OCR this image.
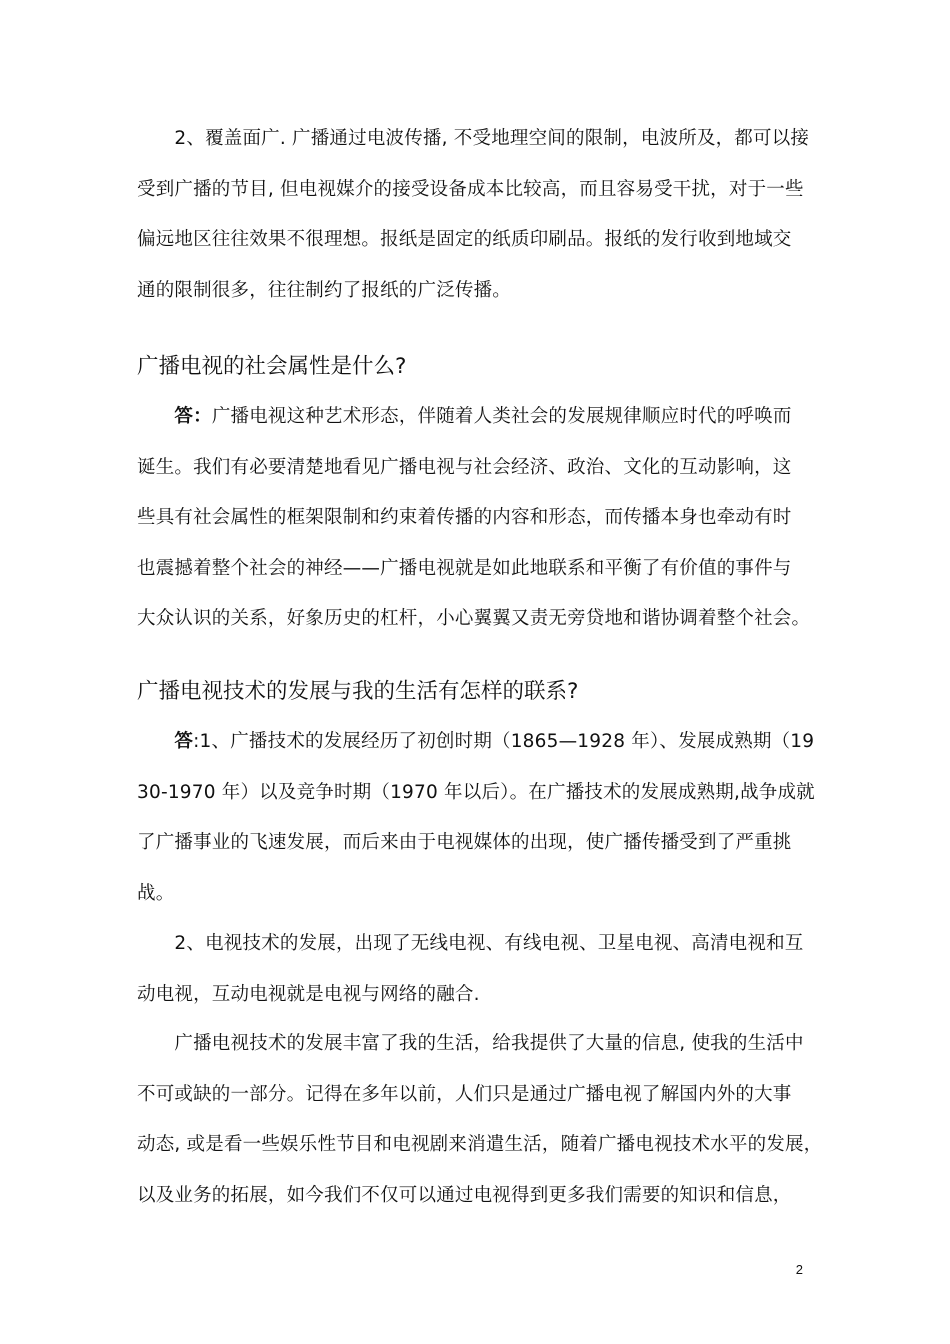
　　2、覆盖面广. 广播通过电波传播, 不受地理空间的限制，电波所及，都可以接
受到广播的节目, 但电视媒介的接受设备成本比较高，而且容易受干扰，对于一些
偏远地区往往效果不很理想。报纸是固定的纸质印刷品。报纸的发行收到地域交
通的限制很多，往往制约了报纸的广泛传播。
广播电视的社会属性是什么?
　　答：广播电视这种艺术形态，伴随着人类社会的发展规律顺应时代的呼唤而
诞生。我们有必要清楚地看见广播电视与社会经济、政治、文化的互动影响，这
些具有社会属性的框架限制和约束着传播的内容和形态，而传播本身也牵动有时
也震撼着整个社会的神经——广播电视就是如此地联系和平衡了有价值的事件与
大众认识的关系，好象历史的杠杆，小心翼翼又责无旁贷地和谐协调着整个社会。
广播电视技术的发展与我的生活有怎样的联系?
　　答:1、广播技术的发展经历了初创时期（1865—1928 年）、发展成熟期（19
30-1970 年）以及竞争时期（1970 年以后）。在广播技术的发展成熟期,战争成就
了广播事业的飞速发展，而后来由于电视媒体的出现，使广播传播受到了严重挑
战。
　　2、电视技术的发展，出现了无线电视、有线电视、卫星电视、高清电视和互
动电视，互动电视就是电视与网络的融合.
　　广播电视技术的发展丰富了我的生活，给我提供了大量的信息, 使我的生活中
不可或缺的一部分。记得在多年以前，人们只是通过广播电视了解国内外的大事
动态, 或是看一些娱乐性节目和电视剧来消遣生活，随着广播电视技术水平的发展，
以及业务的拓展，如今我们不仅可以通过电视得到更多我们需要的知识和信息，
2
